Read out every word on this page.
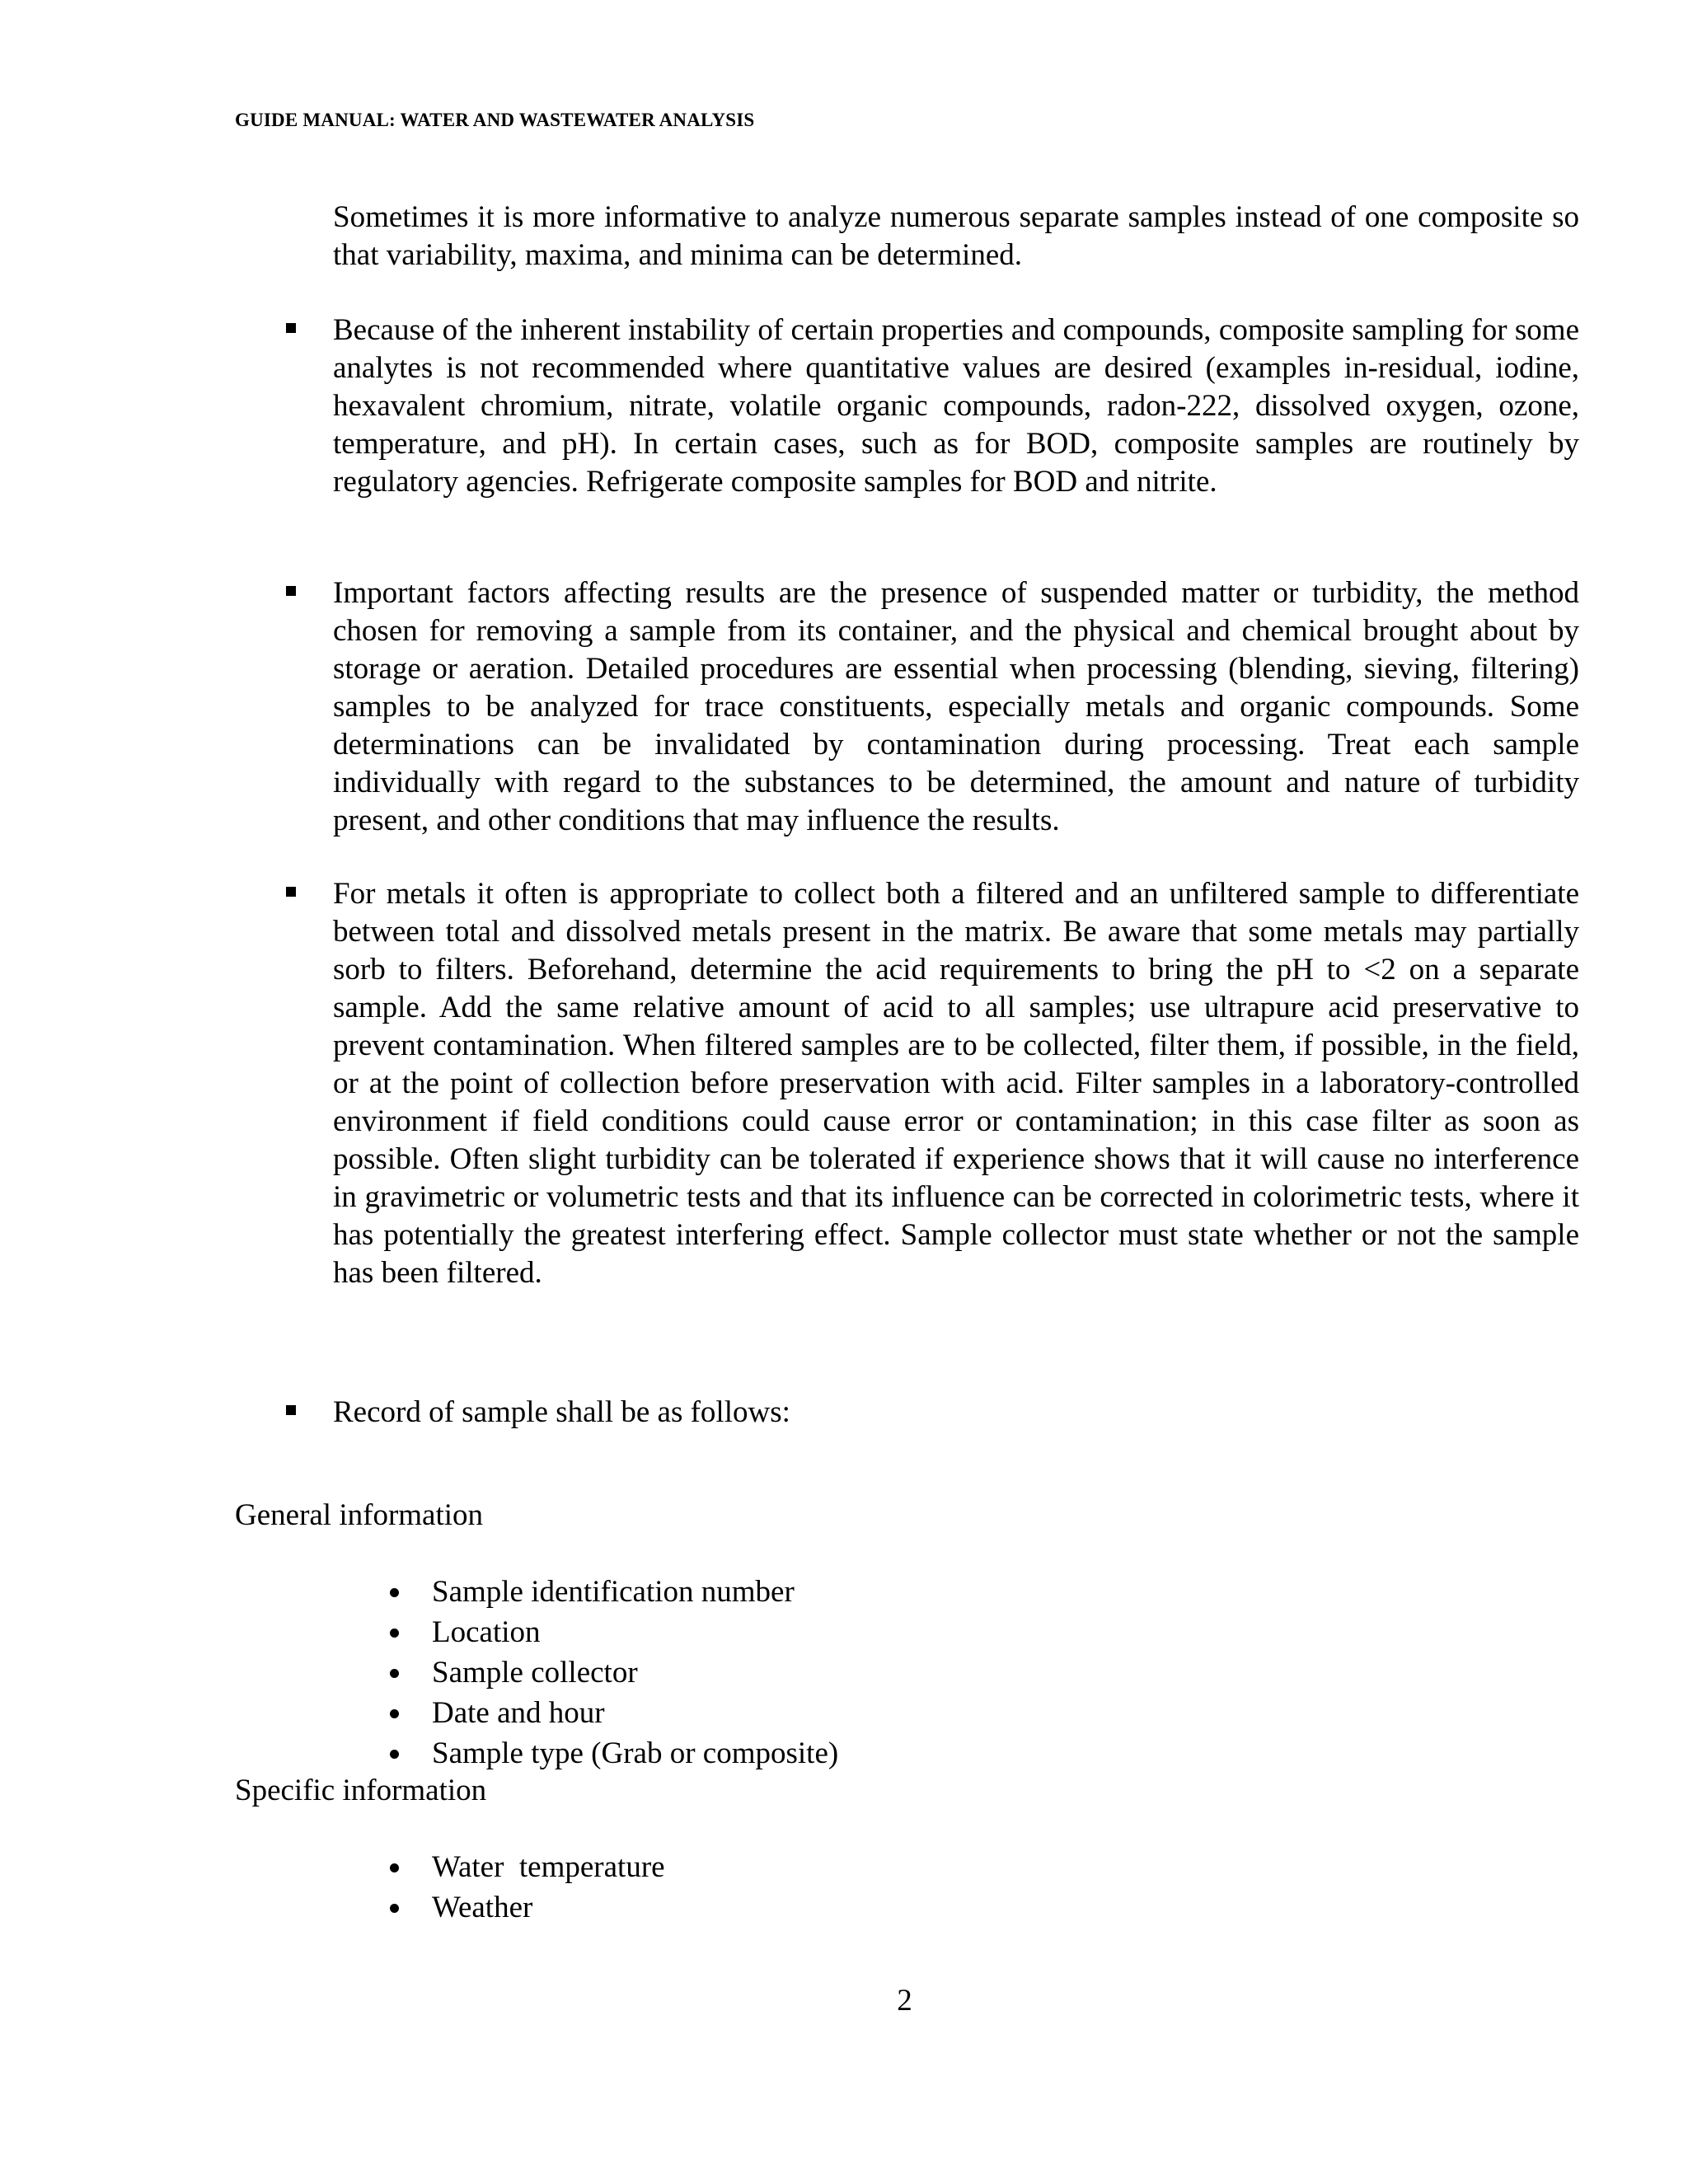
GUIDE MANUAL: WATER AND WASTEWATER ANALYSIS

Sometimes it is more informative to analyze numerous separate samples instead of one composite so that variability, maxima, and minima can be determined.

Because of the inherent instability of certain properties and compounds, composite sampling for some analytes is not recommended where quantitative values are desired (examples in-residual, iodine, hexavalent chromium, nitrate, volatile organic compounds, radon-222, dissolved oxygen, ozone, temperature, and pH). In certain cases, such as for BOD, composite samples are routinely by regulatory agencies. Refrigerate composite samples for BOD and nitrite.

Important factors affecting results are the presence of suspended matter or turbidity, the method chosen for removing a sample from its container, and the physical and chemical brought about by storage or aeration. Detailed procedures are essential when processing (blending, sieving, filtering) samples to be analyzed for trace constituents, especially metals and organic compounds. Some determinations can be invalidated by contamination during processing. Treat each sample individually with regard to the substances to be determined, the amount and nature of turbidity present, and other conditions that may influence the results.

For metals it often is appropriate to collect both a filtered and an unfiltered sample to differentiate between total and dissolved metals present in the matrix. Be aware that some metals may partially sorb to filters. Beforehand, determine the acid requirements to bring the pH to <2 on a separate sample. Add the same relative amount of acid to all samples; use ultrapure acid preservative to prevent contamination. When filtered samples are to be collected, filter them, if possible, in the field, or at the point of collection before preservation with acid. Filter samples in a laboratory-controlled environment if field conditions could cause error or contamination; in this case filter as soon as possible. Often slight turbidity can be tolerated if experience shows that it will cause no interference in gravimetric or volumetric tests and that its influence can be corrected in colorimetric tests, where it has potentially the greatest interfering effect. Sample collector must state whether or not the sample has been filtered.

Record of sample shall be as follows:

General information

Sample identification number
Location
Sample collector
Date and hour
Sample type (Grab or composite)

Specific information

Water  temperature
Weather
2
